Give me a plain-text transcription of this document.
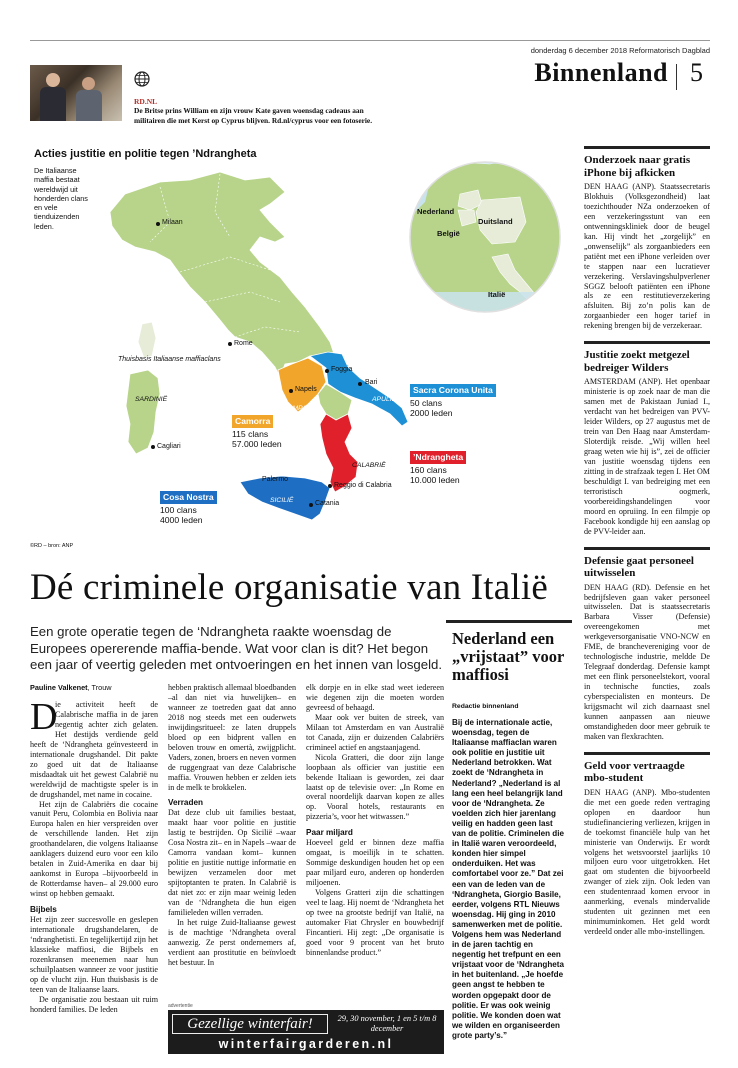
donderdag 6 december 2018 Reformatorisch Dagblad
Binnenland 5
RD.NL
De Britse prins William en zijn vrouw Kate gaven woensdag cadeaus aan militairen die met Kerst op Cyprus blijven. Rd.nl/cyprus voor een fotoserie.
Acties justitie en politie tegen ’Ndrangheta
De Italiaanse maffia bestaat wereldwijd uit honderden clans en vele tienduizenden leden.
©RD – bron: ANP
Thuisbasis Italiaanse maffiaclans
Milaan
Rome
Foggia
Bari
Napels
Cagliari
Palermo
Reggio di Calabria
Catania
SARDINIË
CAMPANIË
APULIË
CALABRIË
SICILIË
Nederland
Duitsland
België
Italië
Sacra Corona Unita
50 clans
2000 leden
Camorra
115 clans
57.000 leden
’Ndrangheta
160 clans
10.000 leden
Cosa Nostra
100 clans
4000 leden
Dé criminele organisatie van Italië
Een grote operatie tegen de ‘Ndrangheta raakte woensdag de Europees opererende maffia-bende. Wat voor clan is dit? Het begon een jaar of veertig geleden met ontvoeringen en het innen van losgeld.
Pauline Valkenet, Trouw
D

ie activiteit heeft de Calabrische maffia in de jaren negentig achter zich gelaten. Het destijds verdiende geld heeft de ‘Ndrangheta geïnvesteerd in internationale drugshandel. Dit pakte zo goed uit dat de Italiaanse misdaadtak uit het gewest Calabrië nu wereldwijd de machtigste speler is in de drugshandel, met name in cocaine.

Het zijn de Calabriërs die cocaine vanuit Peru, Colombia en Bolivia naar Europa halen en hier verspreiden over de verschillende landen. Het zijn groothandelaren, die volgens Italiaanse aanklagers duizend euro voor een kilo betalen in Zuid-Amerika en daar bij aankomst in Europa –bijvoorbeeld in de Rotterdamse haven– al 29.000 euro winst op hebben gemaakt.

Bijbels

Het zijn zeer succesvolle en geslepen internationale drugshandelaren, de ‘ndranghetisti. En tegelijkertijd zijn het klassieke maffiosi, die Bijbels en rozenkransen meenemen naar hun schuilplaatsen wanneer ze voor justitie op de vlucht zijn. Hun thuisbasis is de teen van de Italiaanse laars.

De organisatie zou bestaan uit ruim honderd families. De leden

hebben praktisch allemaal bloedbanden –al dan niet via huwelijken– en wanneer ze toetreden gaat dat anno 2018 nog steeds met een ouderwets inwijdingsritueel: ze laten druppels bloed op een bidprent vallen en beloven trouw en omertà, zwijgplicht. Vaders, zonen, broers en neven vormen de ruggengraat van deze Calabrische maffia. Vrouwen hebben er zelden iets in de melk te brokkelen.

Verraden

Dat deze club uit families bestaat, maakt haar voor politie en justitie lastig te bestrijden. Op Sicilië –waar Cosa Nostra zit– en in Napels –waar de Camorra vandaan komt– kunnen politie en justitie nuttige informatie en bewijzen verzamelen door met spijtoptanten te praten. In Calabrië is dat niet zo: er zijn maar weinig leden van de ‘Ndrangheta die hun eigen familieleden willen verraden.

In het ruige Zuid-Italiaanse gewest is de machtige ‘Ndrangheta overal aanwezig. Ze perst ondernemers af, verdient aan prostitutie en beïnvloedt het bestuur. In

elk dorpje en in elke stad weet iedereen wie degenen zijn die moeten worden gevreesd of behaagd.

Maar ook ver buiten de streek, van Milaan tot Amsterdam en van Australië tot Canada, zijn er duizenden Calabriërs crimineel actief en angstaanjagend.

Nicola Gratteri, die door zijn lange loopbaan als officier van justitie een bekende Italiaan is geworden, zei daar laatst op de televisie over: „In Rome en overal noordelijk daarvan kopen ze alles op. Vooral hotels, restaurants en pizzeria’s, voor het witwassen.”

Paar miljard

Hoeveel geld er binnen deze maffia omgaat, is moeilijk in te schatten. Sommige deskundigen houden het op een paar miljard euro, anderen op honderden miljoenen.

Volgens Gratteri zijn die schattingen veel te laag. Hij noemt de ‘Ndrangheta het op twee na grootste bedrijf van Italië, na automaker Fiat Chrysler en bouwbedrijf Fincantieri. Hij zegt: „De organisatie is goed voor 9 procent van het bruto binnenlandse product.”

advertentie
Gezellige winterfair!	29, 30 november, 1 en 5 t/m 8 december
winterfairgarderen.nl
Nederland een „vrijstaat” voor maffiosi
Redactie binnenland

Bij de internationale actie, woensdag, tegen de Italiaanse maffiaclan waren ook politie en justitie uit Nederland betrokken. Wat zoekt de ‘Ndrangheta in Nederland? „Nederland is al lang een heel belangrijk land voor de ‘Ndrangheta. Ze voelden zich hier jarenlang veilig en hadden geen last van de politie. Criminelen die in Italië waren veroordeeld, konden hier simpel onderduiken. Het was comfortabel voor ze.” Dat zei een van de leden van de ‘Ndrangheta, Giorgio Basile, eerder, volgens RTL Nieuws woensdag. Hij ging in 2010 samenwerken met de politie. Volgens hem was Nederland in de jaren tachtig en negentig het trefpunt en een vrijstaat voor de ‘Ndrangheta in het buitenland. „Je hoefde geen angst te hebben te worden opgepakt door de politie. Er was ook weinig politie. We konden doen wat we wilden en organiseerden grote party’s.”

Onderzoek naar gratis iPhone bij afkicken

DEN HAAG (ANP). Staatssecretaris Blokhuis (Volksgezondheid) laat toezichthouder NZa onderzoeken of een verzekeringsstunt van een ontwenningskliniek door de beugel kan. Hij vindt het „zorgelijk” en „onwenselijk” als zorgaanbieders een patiënt met een iPhone verleiden over te stappen naar een lucratiever verzekering. Verslavingshulpverlener SGGZ belooft patiënten een iPhone als ze een restitutieverzekering afsluiten. Bij zo’n polis kan de zorgaanbieder een hoger tarief in rekening brengen bij de verzekeraar.

Justitie zoekt metgezel bedreiger Wilders

AMSTERDAM (ANP). Het openbaar ministerie is op zoek naar de man die samen met de Pakistaan Juniad I., verdacht van het bedreigen van PVV-leider Wilders, op 27 augustus met de trein van Den Haag naar Amsterdam-Sloterdijk reisde. „Wij willen heel graag weten wie hij is”, zei de officier van justitie woensdag tijdens een zitting in de strafzaak tegen I. Het OM beschuldigt I. van bedreiging met een terroristisch oogmerk, voorbereidingshandelingen voor moord en opruiing. In een filmpje op Facebook kondigde hij een aanslag op de PVV-leider aan.

Defensie gaat personeel uitwisselen

DEN HAAG (RD). Defensie en het bedrijfsleven gaan vaker personeel uitwisselen. Dat is staatssecretaris Barbara Visser (Defensie) overeengekomen met werkgeversorganisatie VNO-NCW en FME, de branchevereniging voor de technologische industrie, meldde De Telegraaf donderdag. Defensie kampt met een flink personeelstekort, vooral in technische functies, zoals cyberspecialisten en monteurs. De krijgsmacht wil zich daarnaast snel kunnen aanpassen aan nieuwe omstandigheden door meer gebruik te maken van flexkrachten.

Geld voor vertraagde mbo-student

DEN HAAG (ANP). Mbo-studenten die met een goede reden vertraging oplopen en daardoor hun studiefinanciering verliezen, krijgen in de toekomst financiële hulp van het ministerie van Onderwijs. Er wordt volgens het wetsvoorstel jaarlijks 10 miljoen euro voor uitgetrokken. Het gaat om studenten die bijvoorbeeld zwanger of ziek zijn. Ook leden van een studentenraad komen ervoor in aanmerking, evenals mindervalide studenten uit gezinnen met een minimuminkomen. Het geld wordt verdeeld onder alle mbo-instellingen.
